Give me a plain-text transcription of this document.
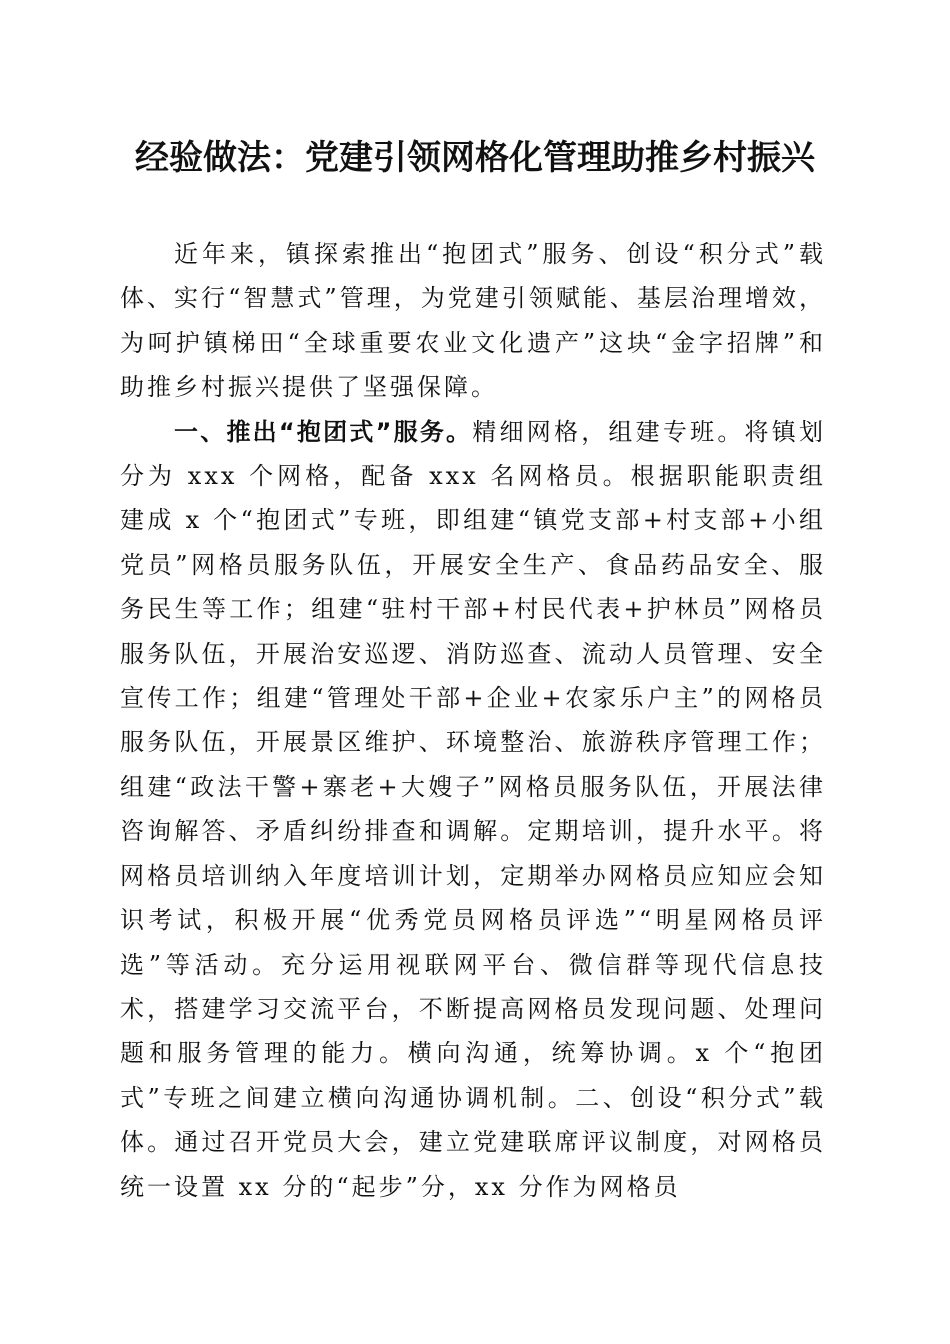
经验做法：党建引领网格化管理助推乡村振兴

近年来，镇探索推出“抱团式”服务、创设“积分式”载体、实行“智慧式”管理，为党建引领赋能、基层治理增效，为呵护镇梯田“全球重要农业文化遗产”这块“金字招牌”和助推乡村振兴提供了坚强保障。

一、推出“抱团式”服务。精细网格，组建专班。将镇划分为 xxx 个网格，配备 xxx 名网格员。根据职能职责组建成 x 个“抱团式”专班，即组建“镇党支部+村支部+小组党员”网格员服务队伍，开展安全生产、食品药品安全、服务民生等工作；组建“驻村干部+村民代表+护林员”网格员服务队伍，开展治安巡逻、消防巡查、流动人员管理、安全宣传工作；组建“管理处干部+企业+农家乐户主”的网格员服务队伍，开展景区维护、环境整治、旅游秩序管理工作；组建“政法干警+寨老+大嫂子”网格员服务队伍，开展法律咨询解答、矛盾纠纷排查和调解。定期培训，提升水平。将网格员培训纳入年度培训计划，定期举办网格员应知应会知识考试，积极开展“优秀党员网格员评选”“明星网格员评选”等活动。充分运用视联网平台、微信群等现代信息技术，搭建学习交流平台，不断提高网格员发现问题、处理问题和服务管理的能力。横向沟通，统筹协调。x 个“抱团式”专班之间建立横向沟通协调机制。二、创设“积分式”载体。通过召开党员大会，建立党建联席评议制度，对网格员统一设置 xx 分的“起步”分，xx 分作为网格员
